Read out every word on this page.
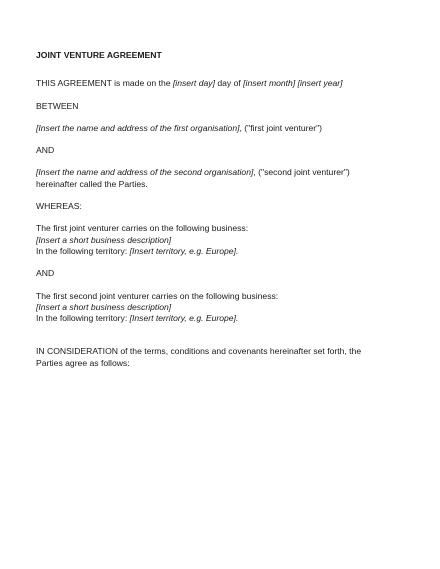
JOINT VENTURE AGREEMENT
THIS AGREEMENT is made on the [insert day] day of [insert month] [insert year]
BETWEEN
[Insert the name and address of the first organisation], ("first joint venturer")
AND
[Insert the name and address of the second organisation], ("second joint venturer") hereinafter called the Parties.
WHEREAS:
The first joint venturer carries on the following business:
[Insert a short business description]
In the following territory: [Insert territory, e.g. Europe].
AND
The first second joint venturer carries on the following business:
[Insert a short business description]
In the following territory: [Insert territory, e.g. Europe].
IN CONSIDERATION of the terms, conditions and covenants hereinafter set forth, the Parties agree as follows:
